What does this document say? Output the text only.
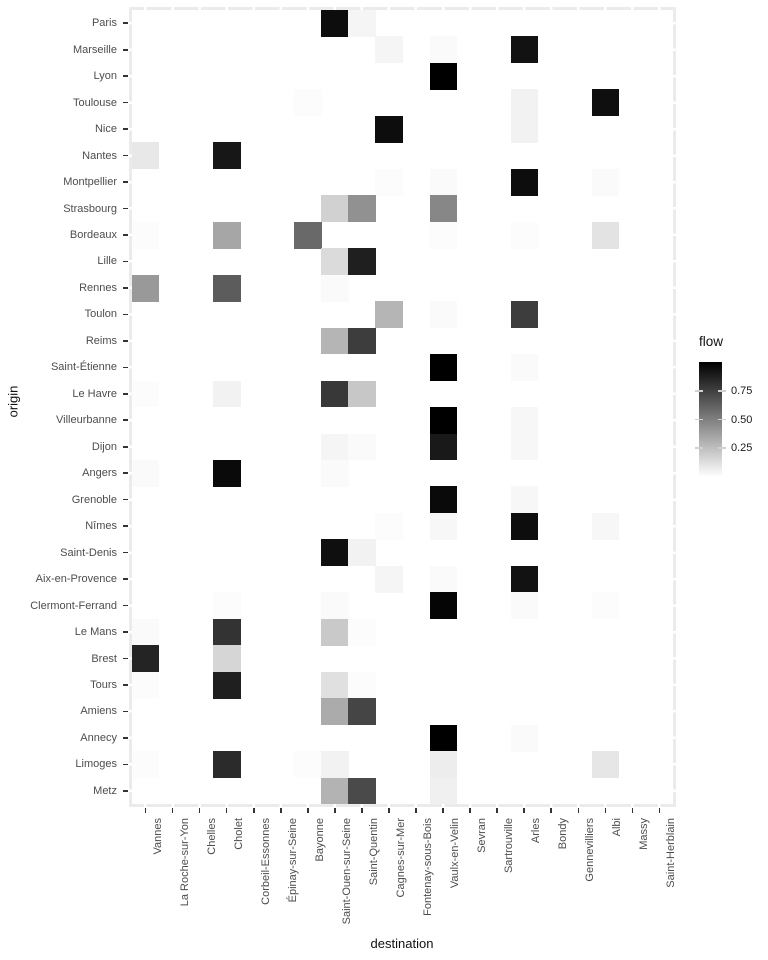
origin
destination
Paris
Marseille
Lyon
Toulouse
Nice
Nantes
Montpellier
Strasbourg
Bordeaux
Lille
Rennes
Toulon
Reims
Saint-Étienne
Le Havre
Villeurbanne
Dijon
Angers
Grenoble
Nîmes
Saint-Denis
Aix-en-Provence
Clermont-Ferrand
Le Mans
Brest
Tours
Amiens
Annecy
Limoges
Metz
Vannes La Roche-sur-Yon Chelles Cholet Corbeil-Essonnes Épinay-sur-Seine Bayonne Saint-Ouen-sur-Seine Saint-Quentin Cagnes-sur-Mer Fontenay-sous-Bois Vaulx-en-Velin Sevran Sartrouville Arles Bondy Gennevilliers Albi Massy Saint-Herblain
flow
0.75
0.50
0.25
